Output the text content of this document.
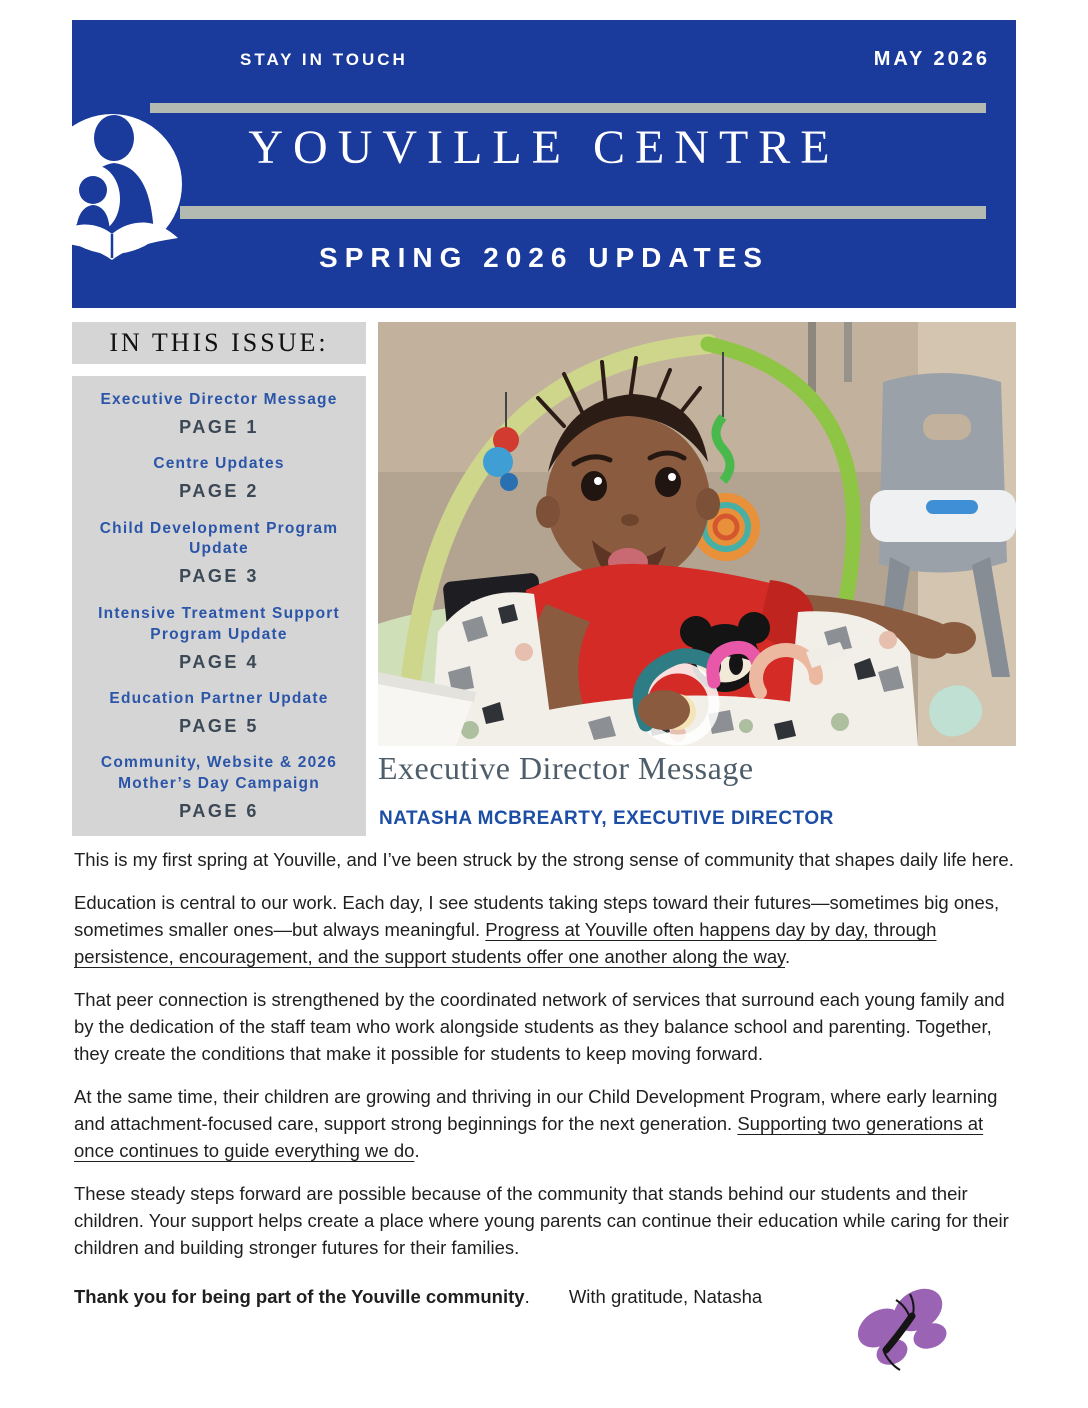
STAY IN TOUCH	MAY 2026
YOUVILLE CENTRE
SPRING 2026 UPDATES
IN THIS ISSUE:
Executive Director Message
PAGE 1
Centre Updates
PAGE 2
Child Development Program Update
PAGE 3
Intensive Treatment Support Program Update
PAGE 4
Education Partner Update
PAGE 5
Community, Website & 2026 Mother’s Day Campaign
PAGE 6
Executive Director Message
NATASHA MCBREARTY, EXECUTIVE DIRECTOR

This is my first spring at Youville, and I’ve been struck by the strong sense of community that shapes daily life here.

Education is central to our work. Each day, I see students taking steps toward their futures—sometimes big ones, sometimes smaller ones—but always meaningful. Progress at Youville often happens day by day, through persistence, encouragement, and the support students offer one another along the way.

That peer connection is strengthened by the coordinated network of services that surround each young family and by the dedication of the staff team who work alongside students as they balance school and parenting. Together, they create the conditions that make it possible for students to keep moving forward.

At the same time, their children are growing and thriving in our Child Development Program, where early learning and attachment-focused care, support strong beginnings for the next generation. Supporting two generations at once continues to guide everything we do.

These steady steps forward are possible because of the community that stands behind our students and their children. Your support helps create a place where young parents can continue their education while caring for their children and building stronger futures for their families.

Thank you for being part of the Youville community. With gratitude, Natasha
